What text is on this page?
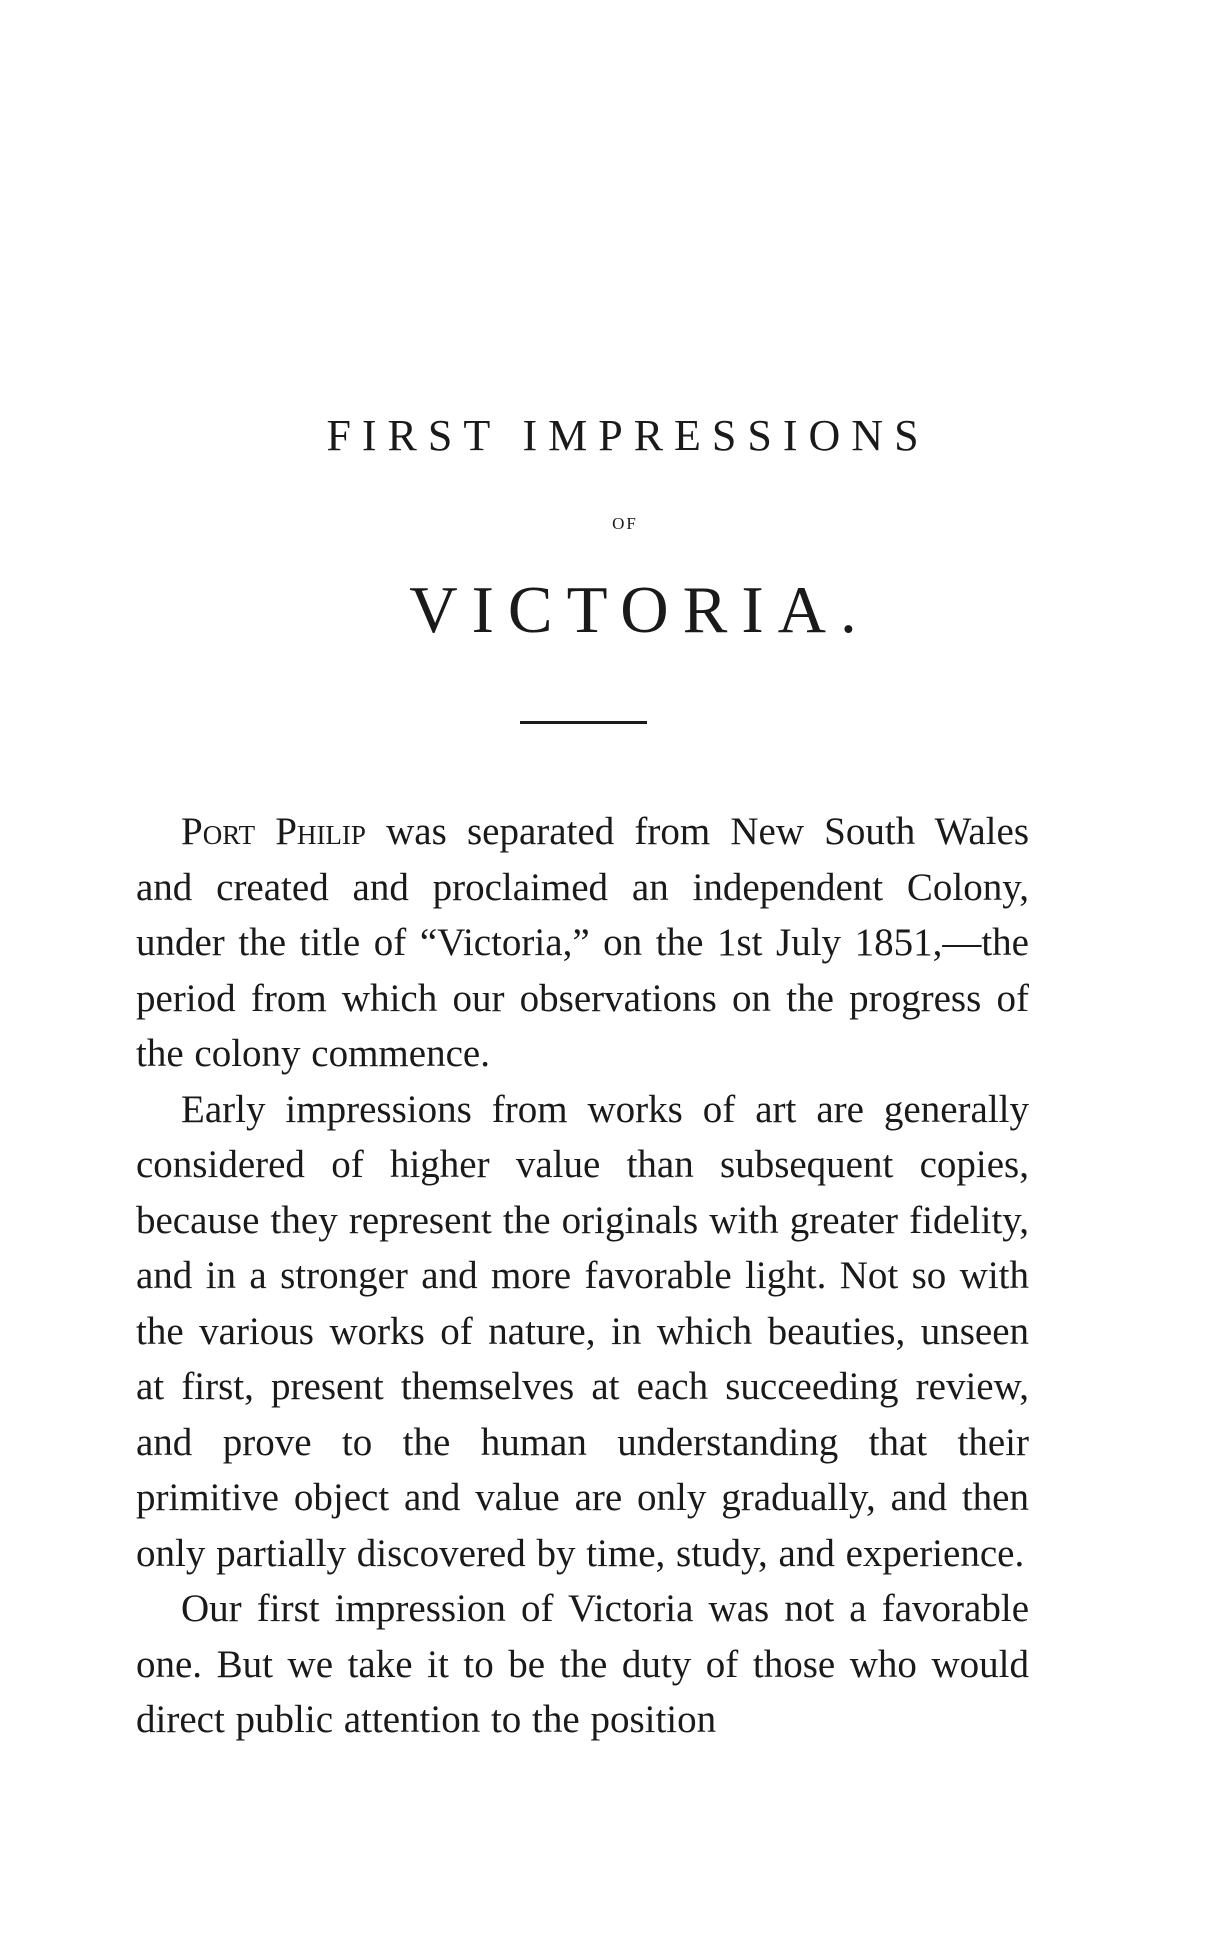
FIRST IMPRESSIONS
OF
VICTORIA.

Port Philip was separated from New South Wales and created and proclaimed an independent Colony, under the title of “Victoria,” on the 1st July 1851,—the period from which our observations on the progress of the colony commence.

Early impressions from works of art are generally considered of higher value than subsequent copies, because they represent the originals with greater fidelity, and in a stronger and more favorable light. Not so with the various works of nature, in which beauties, unseen at first, present themselves at each succeeding review, and prove to the human understanding that their primitive object and value are only gradually, and then only partially discovered by time, study, and experience.

Our first impression of Victoria was not a favorable one. But we take it to be the duty of those who would direct public attention to the position
